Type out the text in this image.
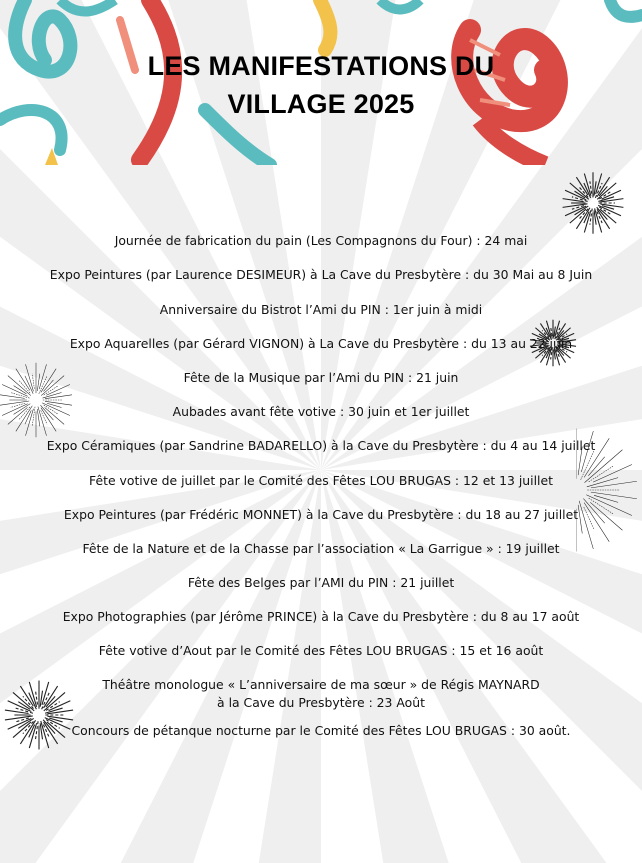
LES MANIFESTATIONS DU
VILLAGE 2025
Journée de fabrication du pain (Les Compagnons du Four) : 24 mai
Expo Peintures (par Laurence DESIMEUR) à La Cave du Presbytère : du 30 Mai au 8 Juin
Anniversaire du Bistrot l’Ami du PIN : 1er juin à midi
Expo Aquarelles (par Gérard VIGNON) à La Cave du Presbytère : du 13 au 22 juin
Fête de la Musique par l’Ami du PIN : 21 juin
Aubades avant fête votive : 30 juin et 1er juillet
Expo Céramiques (par Sandrine BADARELLO) à la Cave du Presbytère : du 4 au 14 juillet
Fête votive de juillet par le Comité des Fêtes LOU BRUGAS : 12 et 13 juillet
Expo Peintures (par Frédéric MONNET) à la Cave du Presbytère : du 18 au 27 juillet
Fête de la Nature et de la Chasse par l’association « La Garrigue » : 19 juillet
Fête des Belges par l’AMI du PIN : 21 juillet
Expo Photographies (par Jérôme PRINCE) à la Cave du Presbytère : du 8 au 17 août
Fête votive d’Aout par le Comité des Fêtes LOU BRUGAS : 15 et 16 août
Théâtre monologue « L’anniversaire de ma sœur » de Régis MAYNARD
à la Cave du Presbytère : 23 Août
Concours de pétanque nocturne par le Comité des Fêtes LOU BRUGAS : 30 août.
